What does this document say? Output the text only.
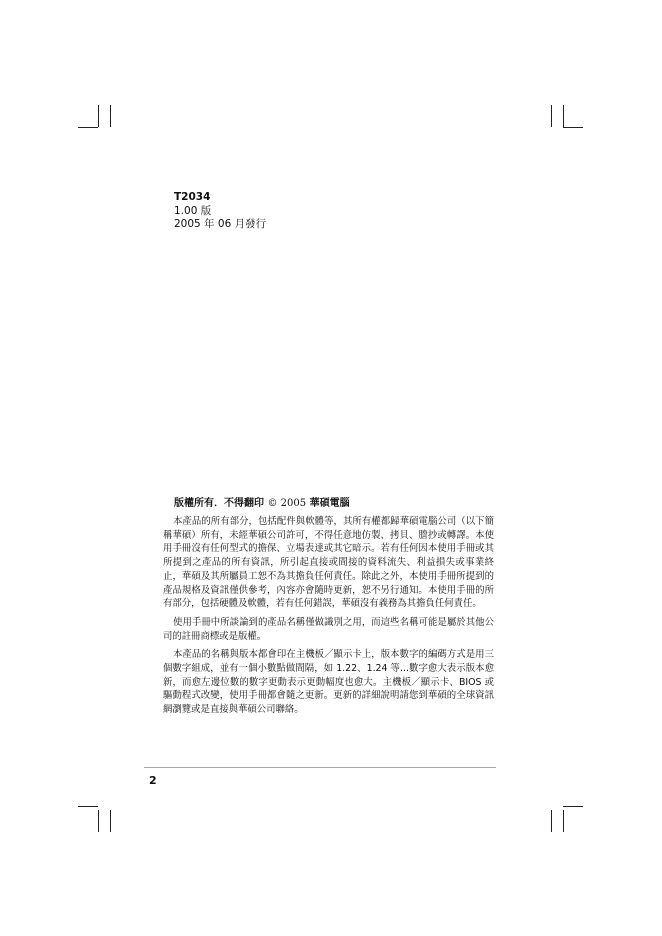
T2034
1.00 版
2005 年 06 月發行
版權所有．不得翻印 © 2005 華碩電腦

本產品的所有部分，包括配件與軟體等，其所有權都歸華碩電腦公司（以下簡稱華碩）所有，未經華碩公司許可，不得任意地仿製、拷貝、謄抄或轉譯。本使用手冊沒有任何型式的擔保、立場表達或其它暗示。若有任何因本使用手冊或其所提到之產品的所有資訊，所引起直接或間接的資料流失、利益損失或事業終止，華碩及其所屬員工恕不為其擔負任何責任。除此之外，本使用手冊所提到的產品規格及資訊僅供參考，內容亦會隨時更新，恕不另行通知。本使用手冊的所有部分，包括硬體及軟體，若有任何錯誤，華碩沒有義務為其擔負任何責任。

使用手冊中所談論到的產品名稱僅做識別之用，而這些名稱可能是屬於其他公司的註冊商標或是版權。

本產品的名稱與版本都會印在主機板／顯示卡上，版本數字的編碼方式是用三個數字組成，並有一個小數點做間隔，如 1.22、1.24 等...數字愈大表示版本愈新，而愈左邊位數的數字更動表示更動幅度也愈大。主機板／顯示卡、BIOS 或驅動程式改變，使用手冊都會隨之更新。更新的詳細說明請您到華碩的全球資訊網瀏覽或是直接與華碩公司聯絡。

2
